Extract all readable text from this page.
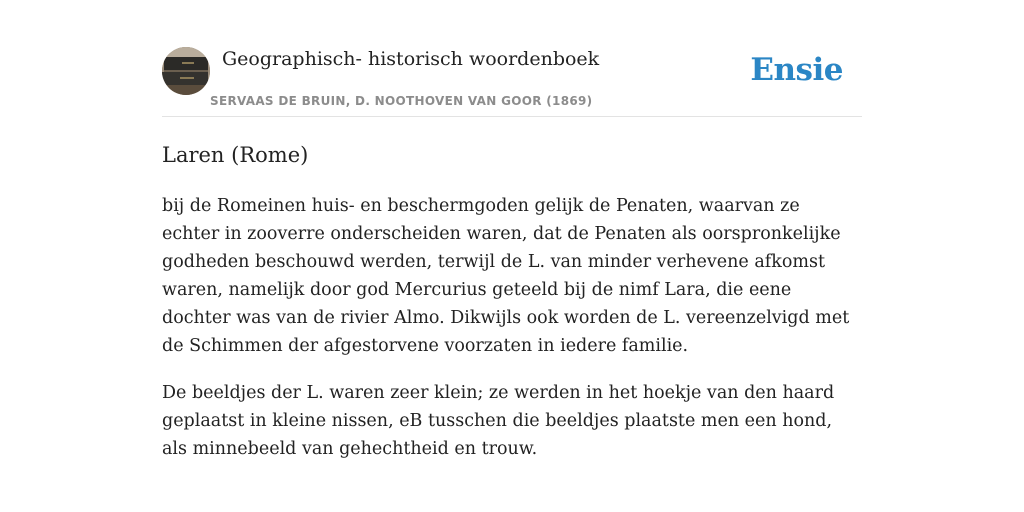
Geographisch- historisch woordenboek
SERVAAS DE BRUIN, D. NOOTHOVEN VAN GOOR (1869)
Ensie
Laren (Rome)

bij de Romeinen huis- en beschermgoden gelijk de Penaten, waarvan ze echter in zooverre onderscheiden waren, dat de Penaten als oorspronkelijke godheden beschouwd werden, terwijl de L. van minder verhevene afkomst waren, namelijk door god Mercurius geteeld bij de nimf Lara, die eene dochter was van de rivier Almo. Dikwijls ook worden de L. vereenzelvigd met de Schimmen der afgestorvene voorzaten in iedere familie.

De beeldjes der L. waren zeer klein; ze werden in het hoekje van den haard geplaatst in kleine nissen, eB tusschen die beeldjes plaatste men een hond, als minnebeeld van gehechtheid en trouw.
